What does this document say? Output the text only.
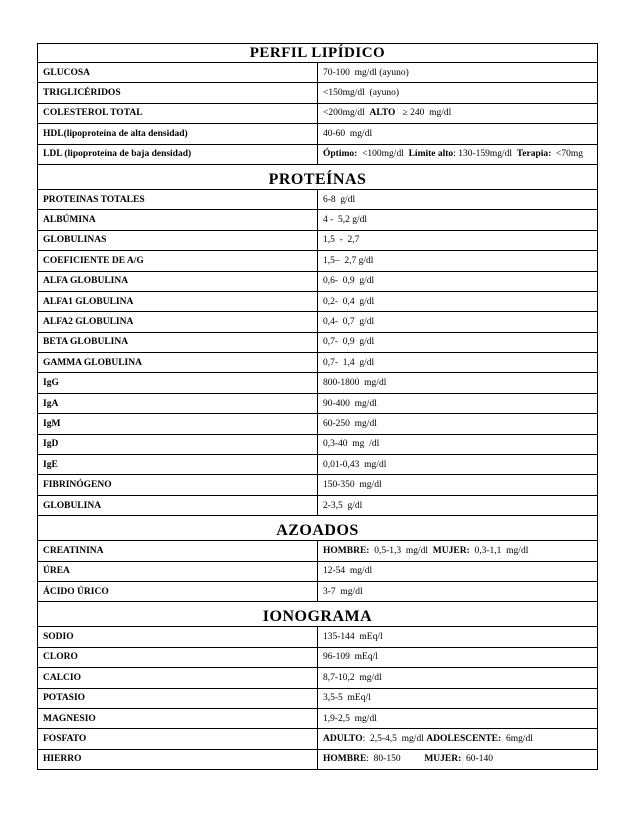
PERFIL LIPÍDICO	
GLUCOSA	70-100  mg/dl (ayuno)
TRIGLICÉRIDOS	<150mg/dl  (ayuno)
COLESTEROL TOTAL	<200mg/dl  ALTO   ≥ 240  mg/dl
HDL(lipoproteína de alta densidad)	40-60  mg/dl
LDL (lipoproteína de baja densidad)	Óptimo:  <100mg/dl  Límite alto: 130-159mg/dl  Terapia:  <70mg
PROTEÍNAS	
PROTEINAS TOTALES	6-8  g/dl
ALBÚMINA	4 -  5,2 g/dl
GLOBULINAS	1,5  -  2,7
COEFICIENTE DE A/G	1,5–  2,7 g/dl
ALFA GLOBULINA	0,6-  0,9  g/dl
ALFA1 GLOBULINA	0,2-  0,4  g/dl
ALFA2 GLOBULINA	0,4-  0,7  g/dl
BETA GLOBULINA	0,7-  0,9  g/dl
GAMMA GLOBULINA	0,7-  1,4  g/dl
IgG	800-1800  mg/dl
IgA	90-400  mg/dl
IgM	60-250  mg/dl
IgD	0,3-40  mg  /dl
IgE	0,01-0,43  mg/dl
FIBRINÓGENO	150-350  mg/dl
GLOBULINA	2-3,5  g/dl
AZOADOS	
CREATININA	HOMBRE:  0,5-1,3  mg/dl  MUJER:  0,3-1,1  mg/dl
ÚREA	12-54  mg/dl
ÁCIDO ÚRICO	3-7  mg/dl
IONOGRAMA	
SODIO	135-144  mEq/l
CLORO	96-109  mEq/l
CALCIO	8,7-10,2  mg/dl
POTASIO	3,5-5  mEq/l
MAGNESIO	1,9-2,5  mg/dl
FOSFATO	ADULTO:  2,5-4,5  mg/dl ADOLESCENTE:  6mg/dl
HIERRO	HOMBRE:  80-150          MUJER:  60-140
